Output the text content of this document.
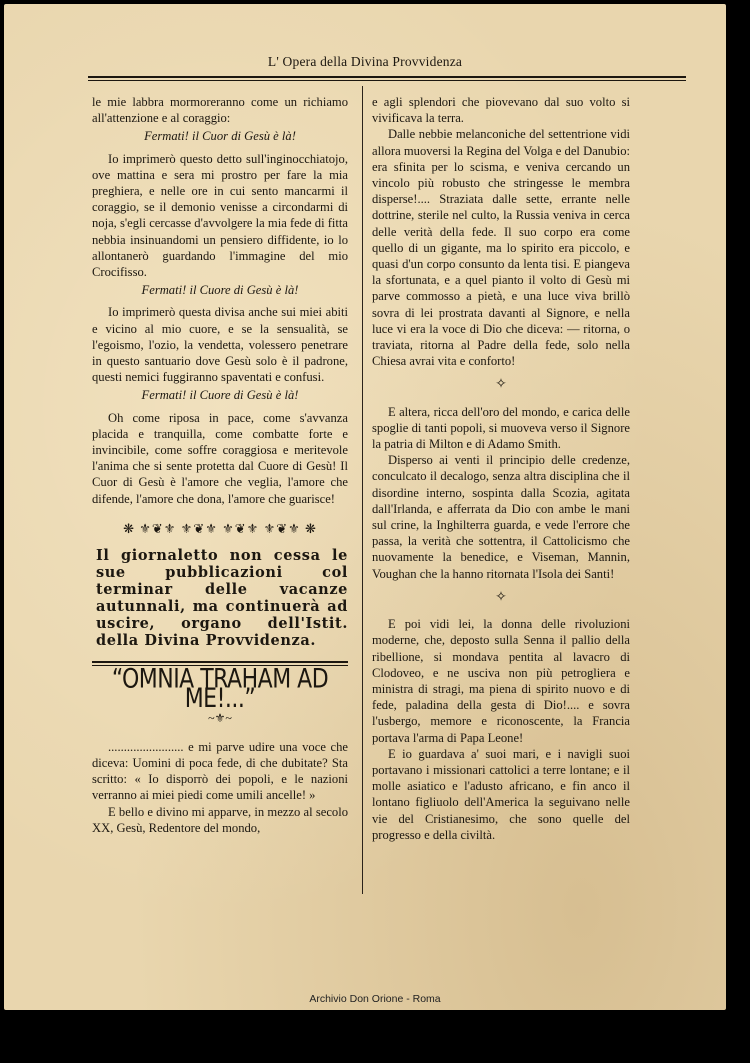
L' Opera della Divina Provvidenza

le mie labbra mormoreranno come un richiamo all'attenzione e al coraggio:

Fermati! il Cuor di Gesù è là!

Io imprimerò questo detto sull'inginocchiatojo, ove mattina e sera mi prostro per fare la mia preghiera, e nelle ore in cui sento mancarmi il coraggio, se il demonio venisse a circondarmi di noja, s'egli cercasse d'avvolgere la mia fede di fitta nebbia insinuandomi un pensiero diffidente, io lo allontanerò guardando l'immagine del mio Crocifisso.

Fermati! il Cuore di Gesù è là!

Io imprimerò questa divisa anche sui miei abiti e vicino al mio cuore, e se la sensualità, se l'egoismo, l'ozio, la vendetta, volessero penetrare in questo santuario dove Gesù solo è il padrone, questi nemici fuggiranno spaventati e confusi.

Fermati! il Cuore di Gesù è là!

Oh come riposa in pace, come s'avvanza placida e tranquilla, come combatte forte e invincibile, come soffre coraggiosa e meritevole l'anima che si sente protetta dal Cuore di Gesù! Il Cuor di Gesù è l'amore che veglia, l'amore che difende, l'amore che dona, l'amore che guarisce!

❋ ⚜❦⚜ ⚜❦⚜ ⚜❦⚜ ⚜❦⚜ ❋
Il giornaletto non cessa le sue pubblicazioni col terminar delle vacanze autunnali, ma continuerà ad uscire, organo dell'Istit. della Divina Provvidenza.
“OMNIA TRAHAM AD ME!...”
~⚜~

........................ e mi parve udire una voce che diceva: Uomini di poca fede, di che dubitate? Sta scritto: « Io disporrò dei popoli, e le nazioni verranno ai miei piedi come umili ancelle! »

E bello e divino mi apparve, in mezzo al secolo XX, Gesù, Redentore del mondo,

e agli splendori che piovevano dal suo volto si vivificava la terra.

Dalle nebbie melanconiche del settentrione vidi allora muoversi la Regina del Volga e del Danubio: era sfinita per lo scisma, e veniva cercando un vincolo più robusto che stringesse le membra disperse!.... Straziata dalle sette, errante nelle dottrine, sterile nel culto, la Russia veniva in cerca delle verità della fede. Il suo corpo era come quello di un gigante, ma lo spirito era piccolo, e quasi d'un corpo consunto da lenta tisi. E piangeva la sfortunata, e a quel pianto il volto di Gesù mi parve commosso a pietà, e una luce viva brillò sovra di lei prostrata davanti al Signore, e nella luce vi era la voce di Dio che diceva: — ritorna, o traviata, ritorna al Padre della fede, solo nella Chiesa avrai vita e conforto!

✧

E altera, ricca dell'oro del mondo, e carica delle spoglie di tanti popoli, si muoveva verso il Signore la patria di Milton e di Adamo Smith.

Disperso ai venti il principio delle credenze, conculcato il decalogo, senza altra disciplina che il disordine interno, sospinta dalla Scozia, agitata dall'Irlanda, e afferrata da Dio con ambe le mani sul crine, la Inghilterra guarda, e vede l'errore che passa, la verità che sottentra, il Cattolicismo che nuovamente la benedice, e Viseman, Mannin, Voughan che la hanno ritornata l'Isola dei Santi!

✧

E poi vidi lei, la donna delle rivoluzioni moderne, che, deposto sulla Senna il pallio della ribellione, si mondava pentita al lavacro di Clodoveo, e ne usciva non più petrogliera e ministra di stragi, ma piena di spirito nuovo e di fede, paladina della gesta di Dio!.... e sovra l'usbergo, memore e riconoscente, la Francia portava l'arma di Papa Leone!

E io guardava a' suoi mari, e i navigli suoi portavano i missionari cattolici a terre lontane; e il molle asiatico e l'adusto africano, e fin anco il lontano figliuolo dell'America la seguivano nelle vie del Cristianesimo, che sono quelle del progresso e della civiltà.

Archivio Don Orione - Roma
